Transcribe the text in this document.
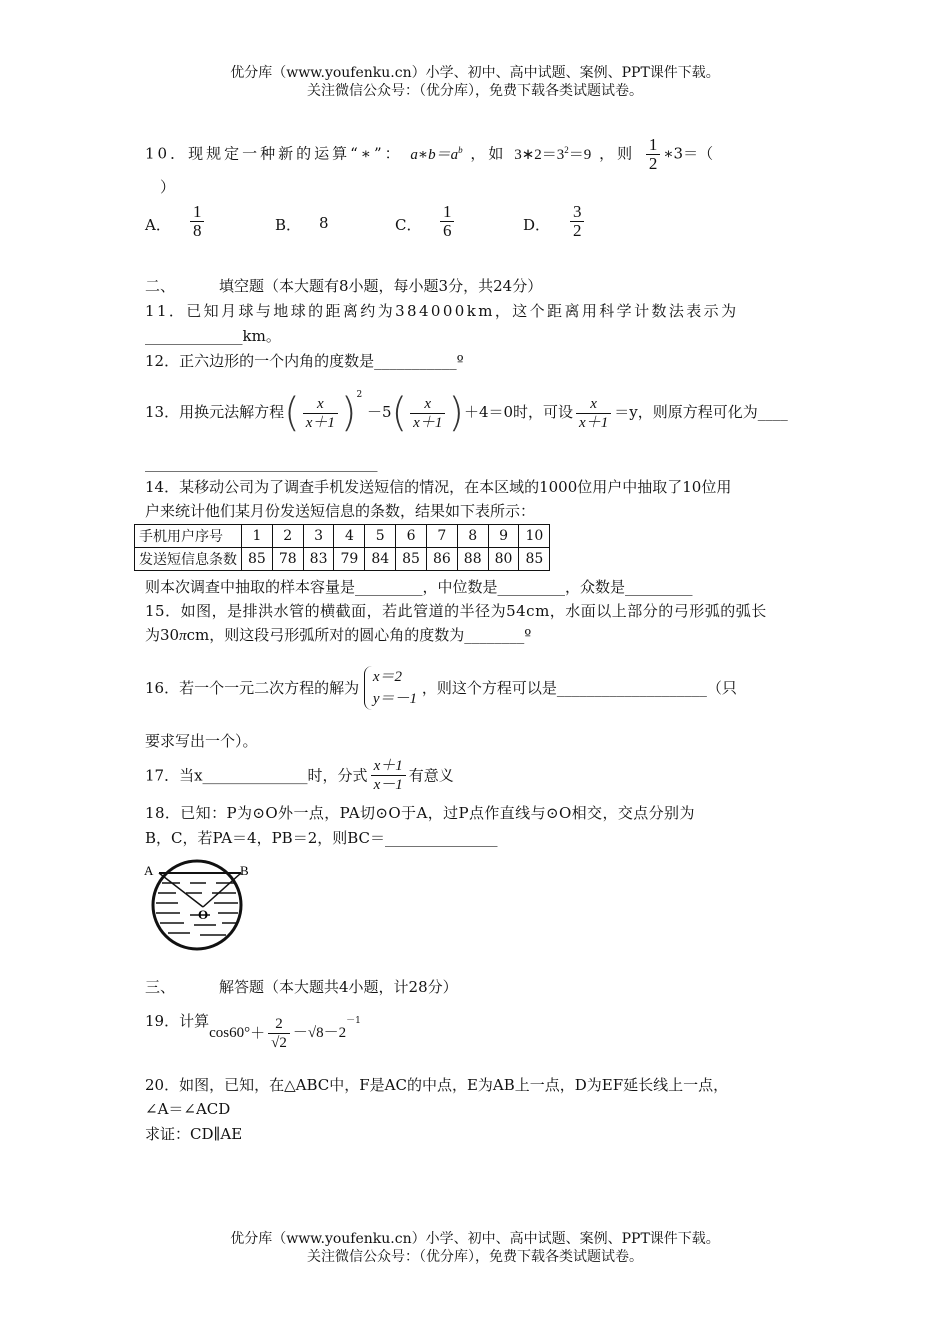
优分库（www.youfenku.cn）小学、初中、高中试题、案例、PPT课件下载。
关注微信公众号：（优分库），免费下载各类试题试卷。
10．现规定一种新的运算“∗”： $a∗b=a^b$ ，如 $3∗2=3^2=9$ ，则 $\frac{1}{2}$ ∗3＝（
）
A．
1
8	B． 8	C．
1
6	D．
3
2
二、	填空题（本大题有8小题，每小题3分，共24分）
11．已知月球与地球的距离约为384000km，这个距离用科学计数法表示为
_____________km。
12．正六边形的一个内角的度数是___________º
13．用换元法解方程( $\frac{x}{x+1} )^2 -5( \frac{x}{x+1} )+4=0$时，可设 $\frac{x}{x+1} =y$，则原方程可化为____
_______________________________
14．某移动公司为了调查手机发送短信的情况，在本区域的1000位用户中抽取了10位用
户来统计他们某月份发送短信息的条数，结果如下表所示：
手机用户序号	1	2	3	4	5	6	7	8	9	10
发送短信息条数	85	78	83	79	84	85	86	88	80	85
则本次调查中抽取的样本容量是_________，中位数是_________，众数是_________
15．如图，是排洪水管的横截面，若此管道的半径为54cm，水面以上部分的弓形弧的弧长
为30πcm，则这段弓形弧所对的圆心角的度数为________º
16．若一个一元二次方程的解为
x＝2
y＝－1
，则这个方程可以是____________________（只
要求写出一个）。
17．当x______________时，分式 $\frac{x+1}{x-1}$ 有意义
18．已知：P为⊙O外一点，PA切⊙O于A，过P点作直线与⊙O相交，交点分别为
B，C，若PA＝4，PB＝2，则BC＝_______________
A	B
O
三、	解答题（本大题共4小题，计28分）
19．计算$\cos 60^\circ+ \frac{2}{√2} -√8-2^{-1}$
20．如图，已知，在△ABC中，F是AC的中点，E为AB上一点，D为EF延长线上一点，
∠A＝∠ACD
求证：CD∥AE
优分库（www.youfenku.cn）小学、初中、高中试题、案例、PPT课件下载。
关注微信公众号：（优分库），免费下载各类试题试卷。
